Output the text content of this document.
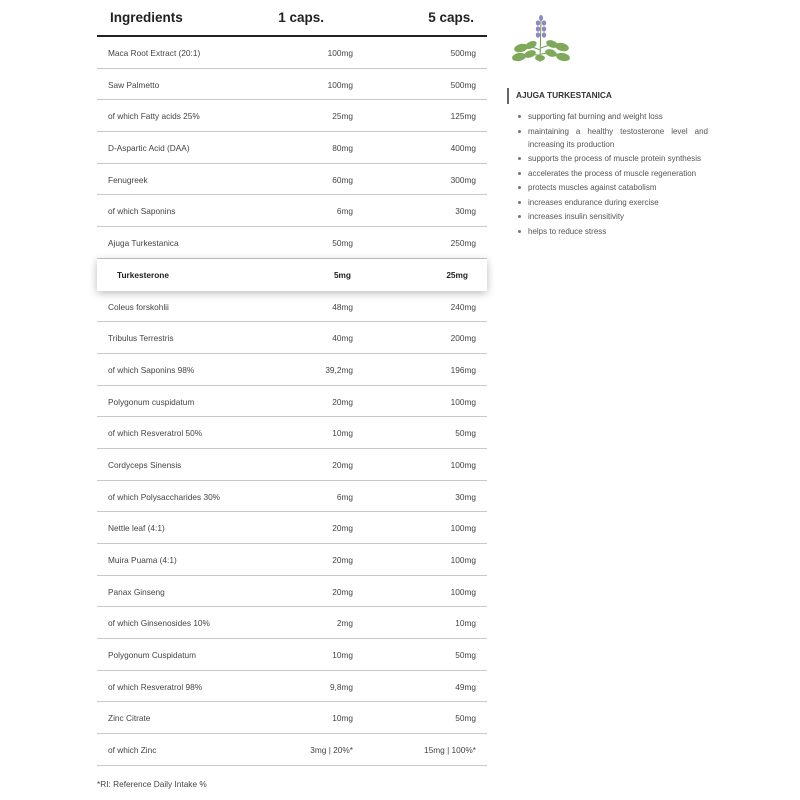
Ingredients	1 caps.	5 caps.
Maca Root Extract (20:1)	100mg	500mg
Saw Palmetto	100mg	500mg
of which Fatty acids 25%	25mg	125mg
D-Aspartic Acid (DAA)	80mg	400mg
Fenugreek	60mg	300mg
of which Saponins	6mg	30mg
Ajuga Turkestanica	50mg	250mg
Turkesterone	5mg	25mg
Coleus forskohlii	48mg	240mg
Tribulus Terrestris	40mg	200mg
of which Saponins 98%	39,2mg	196mg
Polygonum cuspidatum	20mg	100mg
of which Resveratrol 50%	10mg	50mg
Cordyceps Sinensis	20mg	100mg
of which Polysaccharides 30%	6mg	30mg
Nettle leaf (4:1)	20mg	100mg
Muira Puama (4:1)	20mg	100mg
Panax Ginseng	20mg	100mg
of which Ginsenosides 10%	2mg	10mg
Polygonum Cuspidatum	10mg	50mg
of which Resveratrol 98%	9,8mg	49mg
Zinc Citrate	10mg	50mg
of which Zinc	3mg | 20%*	15mg | 100%*
*RI: Reference Daily Intake %
AJUGA TURKESTANICA
supporting fat burning and weight loss
maintaining a healthy testosterone level and increasing its production
supports the process of muscle protein synthesis
accelerates the process of muscle regeneration
protects muscles against catabolism
increases endurance during exercise
increases insulin sensitivity
helps to reduce stress
